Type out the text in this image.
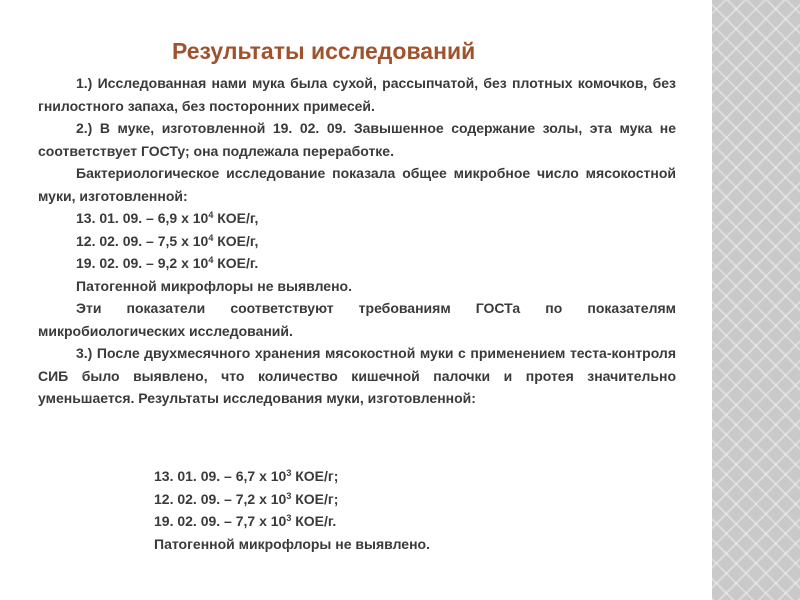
Результаты исследований

1.) Исследованная нами мука была сухой, рассыпчатой, без плотных комочков, без гнилостного запаха, без посторонних примесей.

2.) В муке, изготовленной 19. 02. 09. Завышенное содержание золы, эта мука не соответствует ГОСТу; она подлежала переработке.

Бактериологическое исследование показала общее микробное число мясокостной муки, изготовленной:

13. 01. 09. – 6,9 х $10^4$ КОЕ/г,

12. 02. 09. – 7,5 х $10^4$ КОЕ/г,

19. 02. 09. – 9,2 х $10^4$ КОЕ/г.

Патогенной микрофлоры не выявлено.

Эти показатели соответствуют требованиям ГОСТа по показателям микробиологических исследований.

3.) После двухмесячного хранения мясокостной муки с применением теста-контроля СИБ было выявлено, что количество кишечной палочки и протея значительно уменьшается. Результаты исследования муки, изготовленной:

13. 01. 09. – 6,7 х $10^3$ КОЕ/г;

12. 02. 09. – 7,2 х $10^3$ КОЕ/г;

19. 02. 09. – 7,7 х $10^3$ КОЕ/г.

Патогенной микрофлоры не выявлено.
